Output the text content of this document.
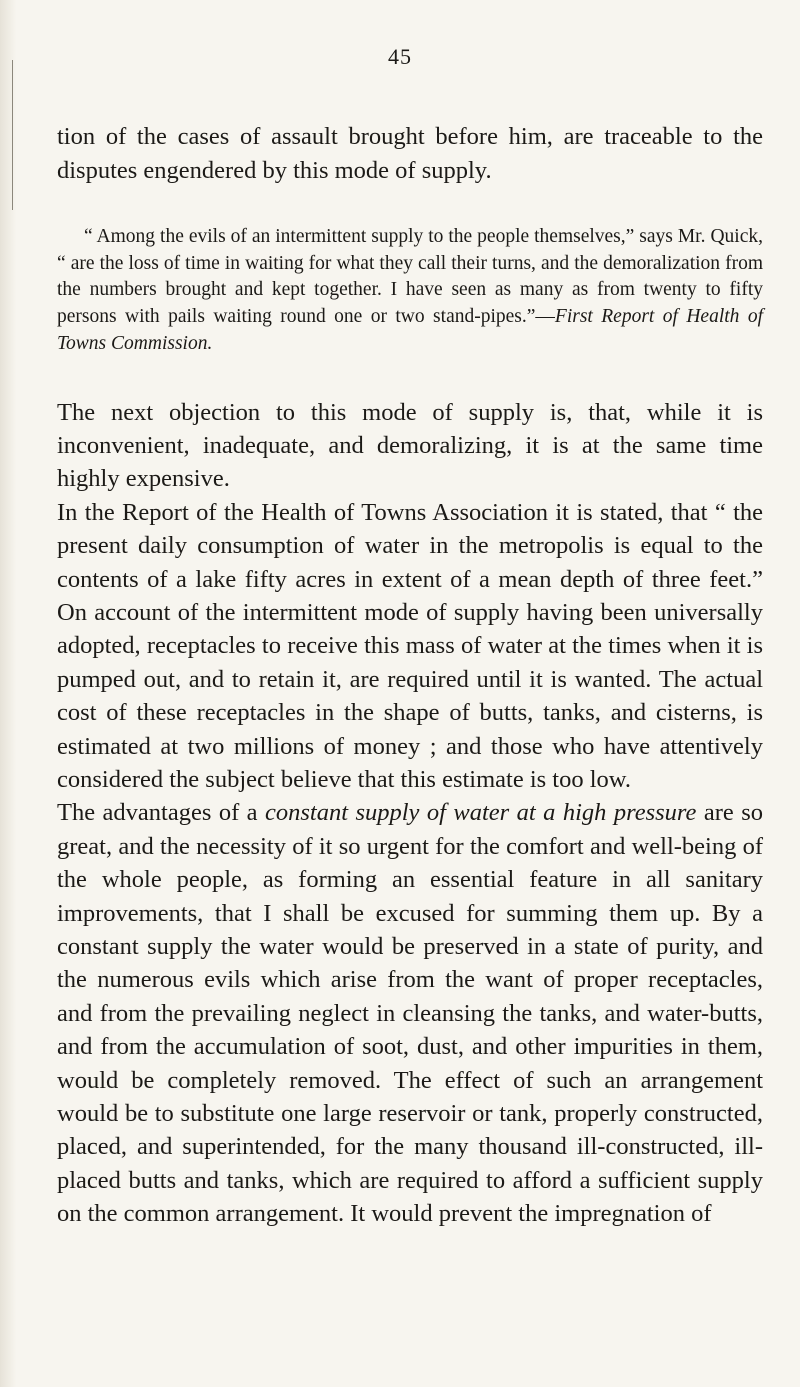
45

tion of the cases of assault brought before him, are traceable to the disputes engendered by this mode of supply.

“ Among the evils of an intermittent supply to the people themselves,” says Mr. Quick, “ are the loss of time in waiting for what they call their turns, and the demoralization from the numbers brought and kept together. I have seen as many as from twenty to fifty persons with pails waiting round one or two stand-pipes.”—First Report of Health of Towns Commission.

The next objection to this mode of supply is, that, while it is inconvenient, inadequate, and demoralizing, it is at the same time highly expensive.

In the Report of the Health of Towns Association it is stated, that “ the present daily consumption of water in the metropolis is equal to the contents of a lake fifty acres in extent of a mean depth of three feet.” On account of the intermittent mode of supply having been universally adopted, receptacles to receive this mass of water at the times when it is pumped out, and to retain it, are required until it is wanted. The actual cost of these receptacles in the shape of butts, tanks, and cisterns, is estimated at two millions of money ; and those who have attentively considered the subject believe that this estimate is too low.

The advantages of a constant supply of water at a high pressure are so great, and the necessity of it so urgent for the comfort and well-being of the whole people, as forming an essential feature in all sanitary improvements, that I shall be excused for summing them up. By a constant supply the water would be preserved in a state of purity, and the numerous evils which arise from the want of proper receptacles, and from the prevailing neglect in cleansing the tanks, and water-butts, and from the accumulation of soot, dust, and other impurities in them, would be completely removed. The effect of such an arrangement would be to substitute one large reservoir or tank, properly constructed, placed, and superintended, for the many thousand ill-constructed, ill-placed butts and tanks, which are required to afford a sufficient supply on the common arrangement. It would prevent the impregnation of
